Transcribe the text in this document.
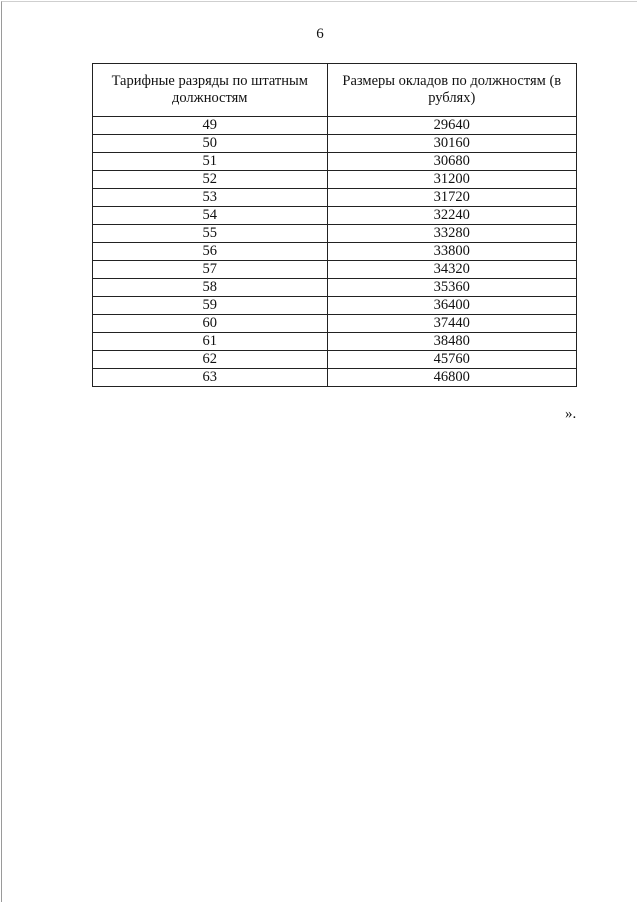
6
Тарифные разряды по штатным должностям	Размеры окладов по должностям (в рублях)
49	29640
50	30160
51	30680
52	31200
53	31720
54	32240
55	33280
56	33800
57	34320
58	35360
59	36400
60	37440
61	38480
62	45760
63	46800
».
